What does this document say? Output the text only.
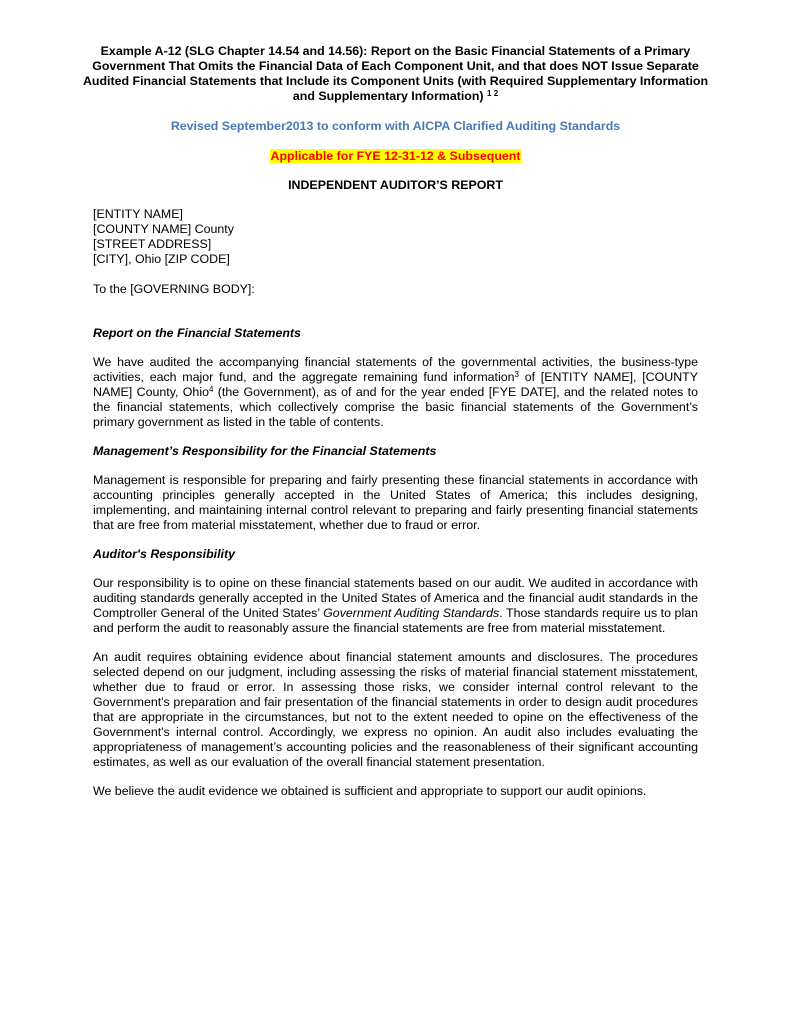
Example A-12 (SLG Chapter 14.54 and 14.56): Report on the Basic Financial Statements of a Primary Government That Omits the Financial Data of Each Component Unit, and that does NOT Issue Separate Audited Financial Statements that Include its Component Units (with Required Supplementary Information and Supplementary Information) $^{1 2}$
Revised September2013 to conform with AICPA Clarified Auditing Standards
Applicable for FYE 12-31-12 & Subsequent
INDEPENDENT AUDITOR’S REPORT
[ENTITY NAME]
[COUNTY NAME] County
[STREET ADDRESS]
[CITY], Ohio [ZIP CODE]
To the [GOVERNING BODY]:
Report on the Financial Statements

We have audited the accompanying financial statements of the governmental activities, the business-type activities, each major fund, and the aggregate remaining fund information$^3$ of [ENTITY NAME], [COUNTY NAME] County, Ohio$^4$ (the Government), as of and for the year ended [FYE DATE], and the related notes to the financial statements, which collectively comprise the basic financial statements of the Government’s primary government as listed in the table of contents.

Management’s Responsibility for the Financial Statements

Management is responsible for preparing and fairly presenting these financial statements in accordance with accounting principles generally accepted in the United States of America; this includes designing, implementing, and maintaining internal control relevant to preparing and fairly presenting financial statements that are free from material misstatement, whether due to fraud or error.

Auditor's Responsibility

Our responsibility is to opine on these financial statements based on our audit. We audited in accordance with auditing standards generally accepted in the United States of America and the financial audit standards in the Comptroller General of the United States’ Government Auditing Standards. Those standards require us to plan and perform the audit to reasonably assure the financial statements are free from material misstatement.

An audit requires obtaining evidence about financial statement amounts and disclosures. The procedures selected depend on our judgment, including assessing the risks of material financial statement misstatement, whether due to fraud or error. In assessing those risks, we consider internal control relevant to the Government's preparation and fair presentation of the financial statements in order to design audit procedures that are appropriate in the circumstances, but not to the extent needed to opine on the effectiveness of the Government's internal control. Accordingly, we express no opinion. An audit also includes evaluating the appropriateness of management’s accounting policies and the reasonableness of their significant accounting estimates, as well as our evaluation of the overall financial statement presentation.

We believe the audit evidence we obtained is sufficient and appropriate to support our audit opinions.
